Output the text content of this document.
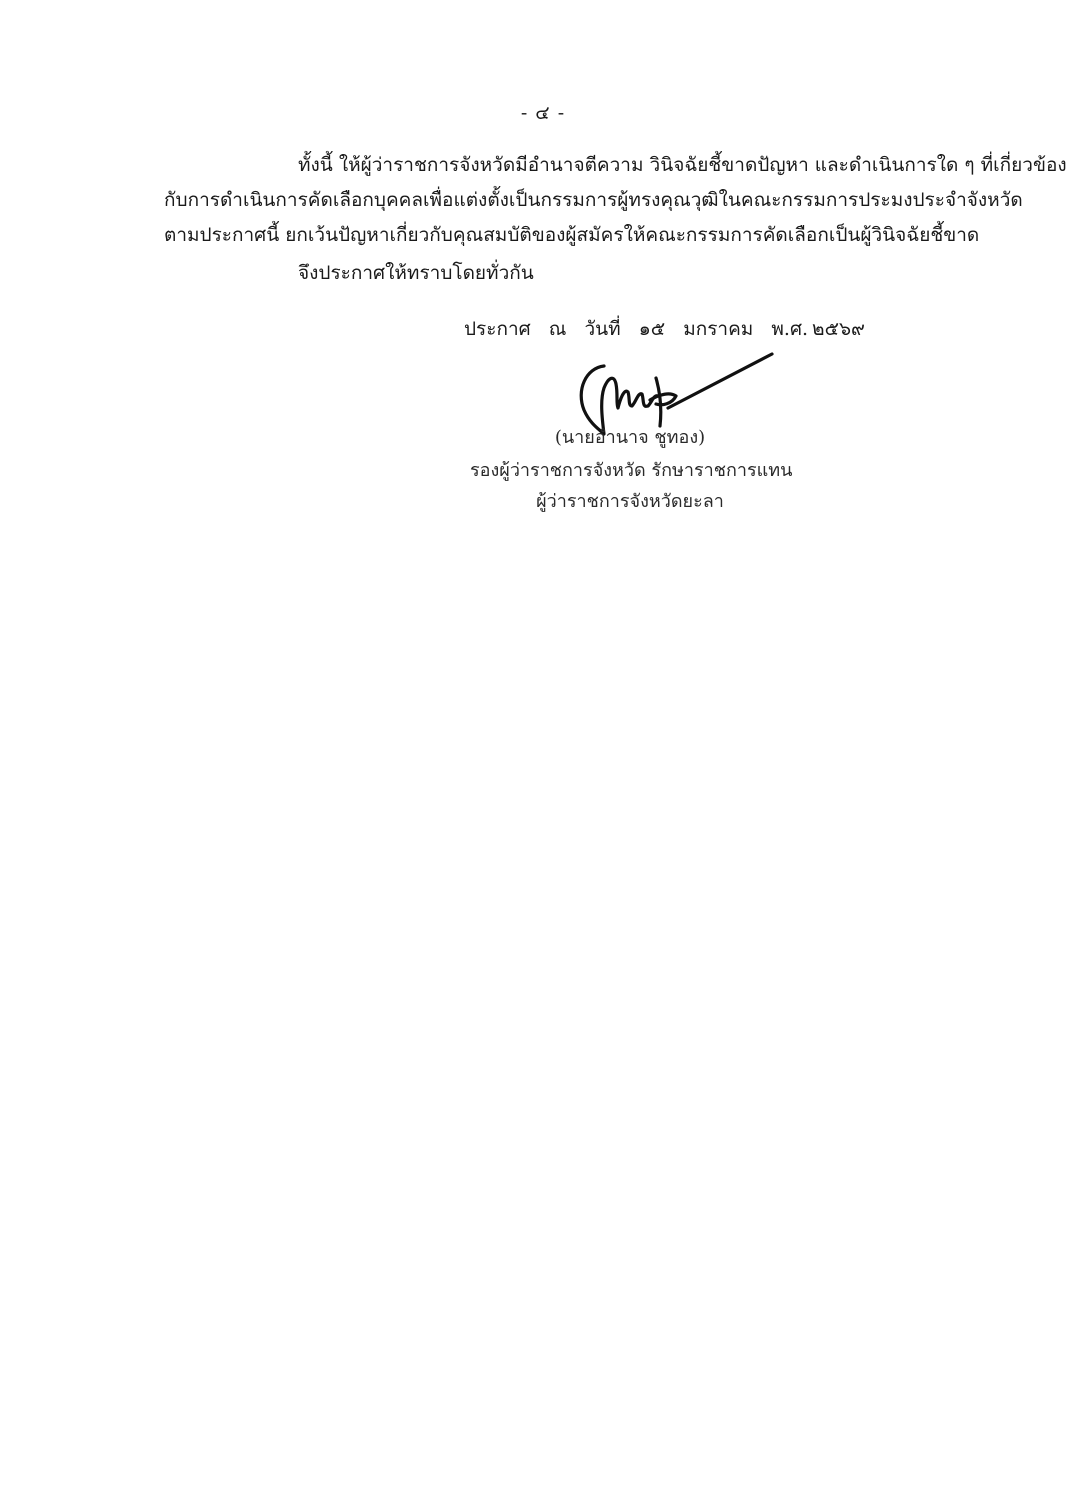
- ๔ -
ทั้งนี้ ให้ผู้ว่าราชการจังหวัดมีอำนาจตีความ วินิจฉัยชี้ขาดปัญหา และดำเนินการใด ๆ ที่เกี่ยวข้อง
กับการดำเนินการคัดเลือกบุคคลเพื่อแต่งตั้งเป็นกรรมการผู้ทรงคุณวุฒิในคณะกรรมการประมงประจำจังหวัด
ตามประกาศนี้ ยกเว้นปัญหาเกี่ยวกับคุณสมบัติของผู้สมัครให้คณะกรรมการคัดเลือกเป็นผู้วินิจฉัยชี้ขาด
จึงประกาศให้ทราบโดยทั่วกัน
ประกาศ ณ วันที่ ๑๕ มกราคม พ.ศ. ๒๕๖๙
(นายอำนาจ ชูทอง)
รองผู้ว่าราชการจังหวัด รักษาราชการแทน
ผู้ว่าราชการจังหวัดยะลา
